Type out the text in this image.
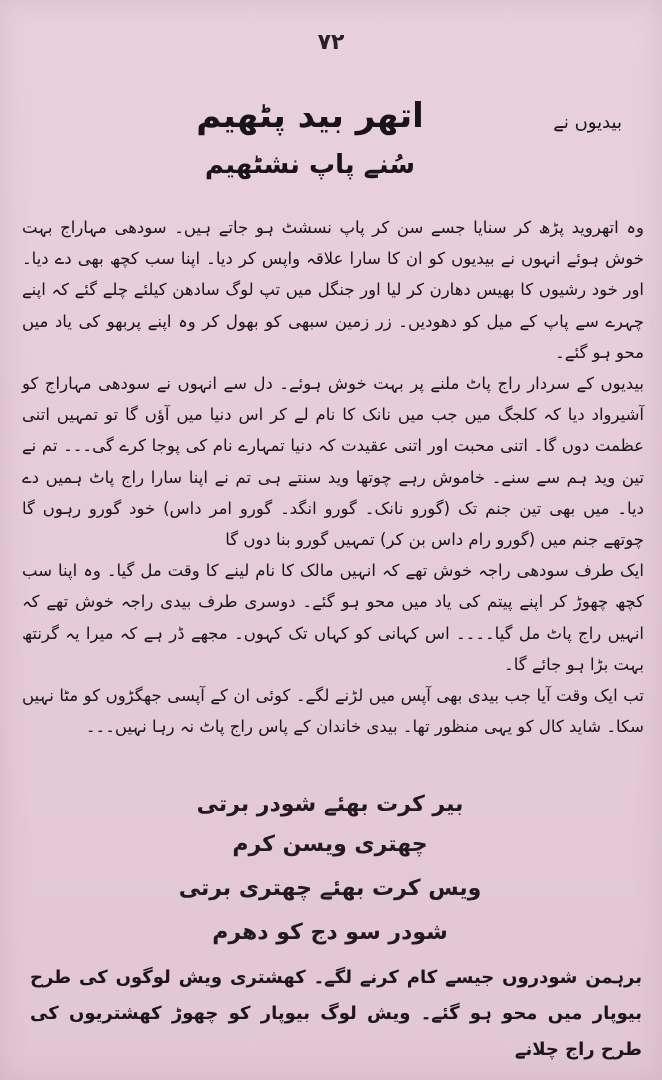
۷۲
بیدیوں نے
اتھر بید پٹھیم
سُنے پاپ نشٹھیم

وہ اتھروید پڑھ کر سنایا جسے سن کر پاپ نسشٹ ہو جاتے ہیں۔ سودھی مہاراج بہت خوش ہوئے انہوں نے بیدیوں کو ان کا سارا علاقہ واپس کر دیا۔ اپنا سب کچھ بھی دے دیا۔ اور خود رشیوں کا بھیس دھارن کر لیا اور جنگل میں تپ لوگ سادھن کیلئے چلے گئے کہ اپنے چہرے سے پاپ کے میل کو دھودیں۔ زر زمین سبھی کو بھول کر وہ اپنے پربھو کی یاد میں محو ہو گئے۔

بیدیوں کے سردار راج پاٹ ملنے پر بہت خوش ہوئے۔ دل سے انہوں نے سودھی مہاراج کو آشیرواد دیا کہ کلجگ میں جب میں نانک کا نام لے کر اس دنیا میں آؤں گا تو تمہیں اتنی عظمت دوں گا۔ اتنی محبت اور اتنی عقیدت کہ دنیا تمہارے نام کی پوجا کرے گی۔۔۔ تم نے تین وید ہم سے سنے۔ خاموش رہے چوتھا وید سنتے ہی تم نے اپنا سارا راج پاٹ ہمیں دے دیا۔ میں بھی تین جنم تک (گورو نانک۔ گورو انگد۔ گورو امر داس) خود گورو رہوں گا چوتھے جنم میں (گورو رام داس بن کر) تمہیں گورو بنا دوں گا

ایک طرف سودھی راجہ خوش تھے کہ انہیں مالک کا نام لینے کا وقت مل گیا۔ وہ اپنا سب کچھ چھوڑ کر اپنے پیتم کی یاد میں محو ہو گئے۔ دوسری طرف بیدی راجہ خوش تھے کہ انہیں راج پاٹ مل گیا۔۔۔۔ اس کہانی کو کہاں تک کہوں۔ مجھے ڈر ہے کہ میرا یہ گرنتھ بہت بڑا ہو جائے گا۔

تب ایک وقت آیا جب بیدی بھی آپس میں لڑنے لگے۔ کوئی ان کے آپسی جھگڑوں کو مٹا نہیں سکا۔ شاید کال کو یہی منظور تھا۔ بیدی خاندان کے پاس راج پاٹ نہ رہا نہیں۔۔۔

بیر کرت بھئے شودر برتی
چھتری ویسن کرم
ویس کرت بھئے چھتری برتی
شودر سو دج کو دھرم

برہمن شودروں جیسے کام کرنے لگے۔ کھشتری ویش لوگوں کی طرح بیوپار میں محو ہو گئے۔ ویش لوگ بیوپار کو چھوڑ کھشتریوں کی طرح راج چلانے
